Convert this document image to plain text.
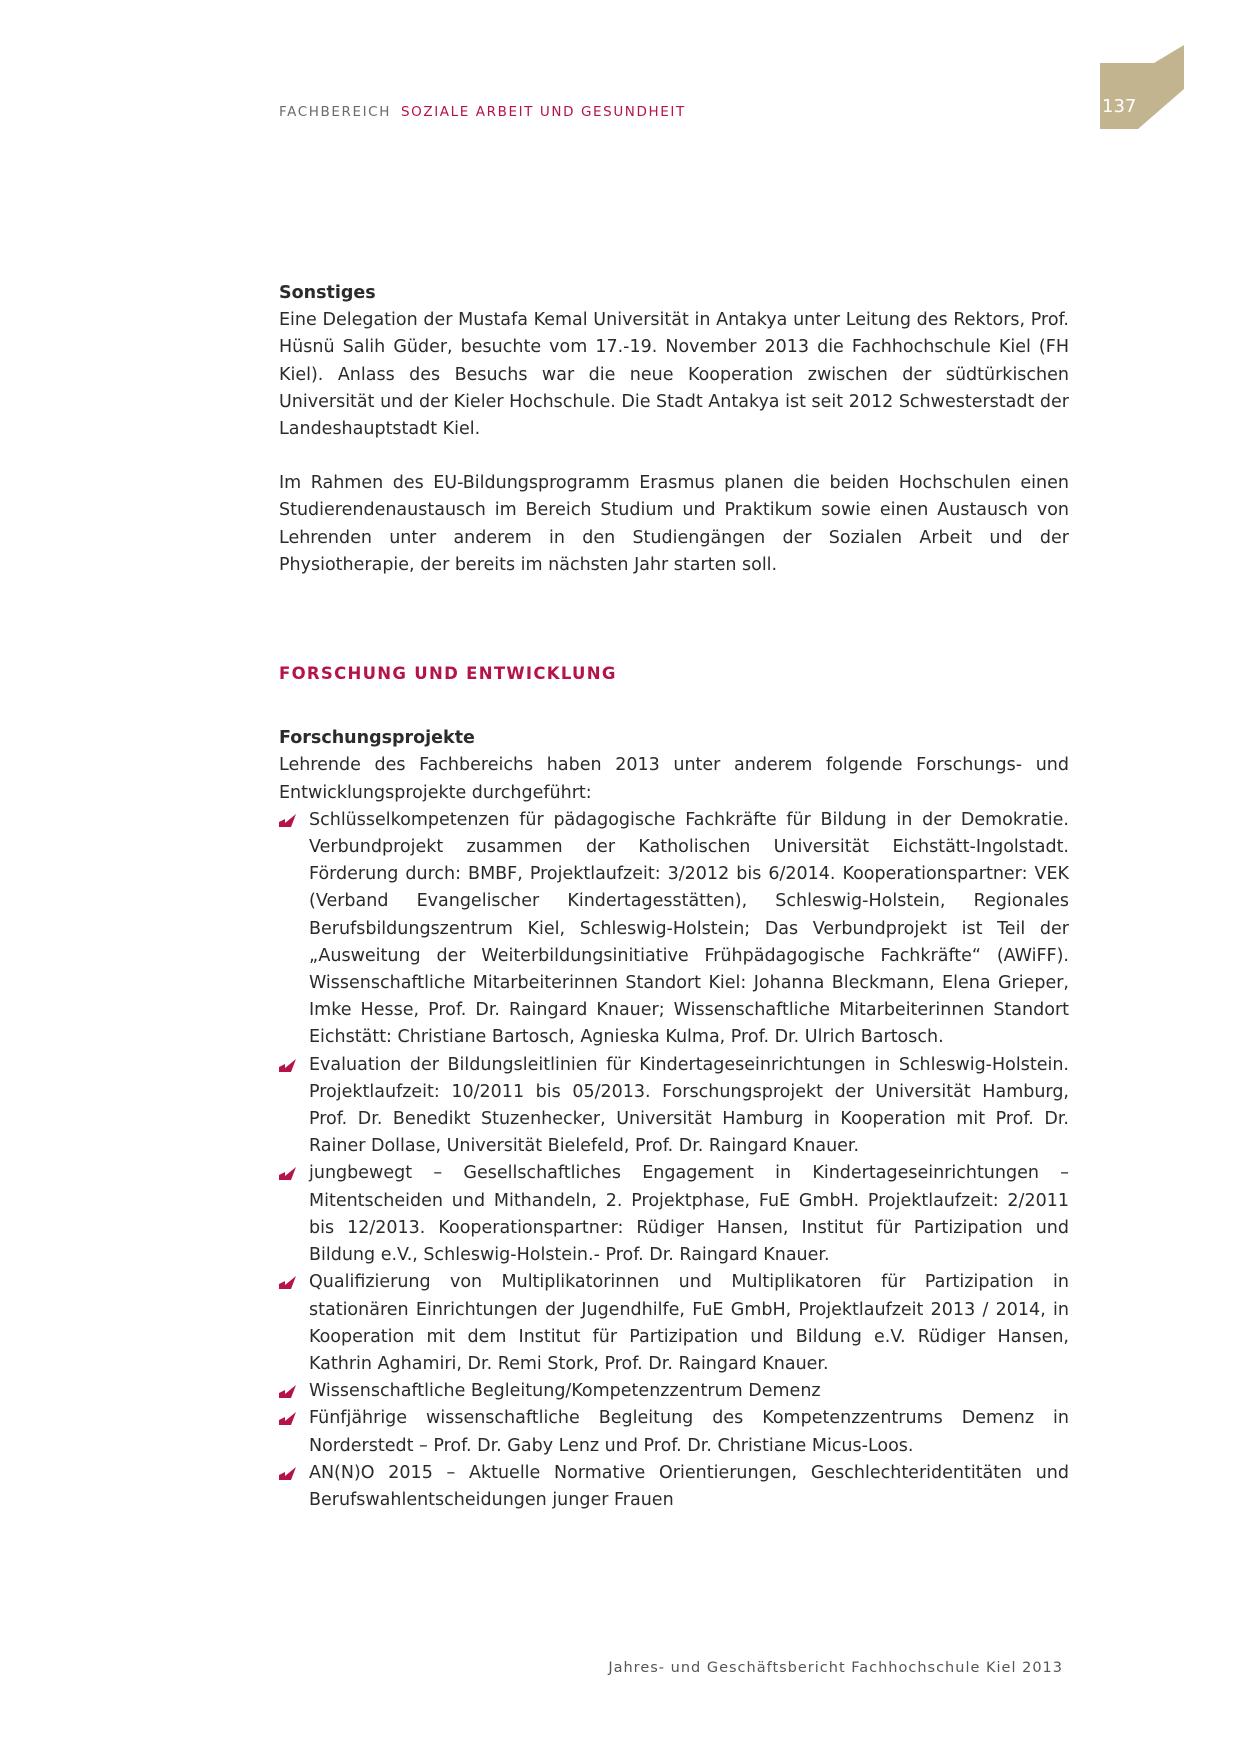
FACHBEREICH SOZIALE ARBEIT UND GESUNDHEIT	137
Sonstiges

Eine Delegation der Mustafa Kemal Universität in Antakya unter Leitung des Rektors, Prof. Hüsnü Salih Güder, besuchte vom 17.-19. November 2013 die Fachhochschule Kiel (FH Kiel). Anlass des Besuchs war die neue Kooperation zwischen der südtürkischen Universität und der Kieler Hochschule. Die Stadt Antakya ist seit 2012 Schwesterstadt der Landeshauptstadt Kiel.

Im Rahmen des EU-Bildungsprogramm Erasmus planen die beiden Hochschulen einen Studierendenaustausch im Bereich Studium und Praktikum sowie einen Austausch von Lehrenden unter anderem in den Studiengängen der Sozialen Arbeit und der Physiotherapie, der bereits im nächsten Jahr starten soll.

FORSCHUNG UND ENTWICKLUNG
Forschungsprojekte

Lehrende des Fachbereichs haben 2013 unter anderem folgende Forschungs- und Entwicklungsprojekte durchgeführt:

Schlüsselkompetenzen für pädagogische Fachkräfte für Bildung in der Demokratie. Verbundprojekt zusammen der Katholischen Universität Eichstätt-Ingolstadt. Förderung durch: BMBF, Projektlaufzeit: 3/2012 bis 6/2014. Kooperationspartner: VEK (Verband Evangelischer Kindertagesstätten), Schleswig-Holstein, Regionales Berufsbildungszentrum Kiel, Schleswig-Holstein; Das Verbundprojekt ist Teil der „Ausweitung der Weiterbildungsinitiative Frühpädagogische Fachkräfte“ (AWiFF). Wissenschaftliche Mitarbeiterinnen Standort Kiel: Johanna Bleckmann, Elena Grieper, Imke Hesse, Prof. Dr. Raingard Knauer; Wissenschaftliche Mitarbeiterinnen Standort Eichstätt: Christiane Bartosch, Agnieska Kulma, Prof. Dr. Ulrich Bartosch.
Evaluation der Bildungsleitlinien für Kindertageseinrichtungen in Schleswig-Holstein. Projektlaufzeit: 10/2011 bis 05/2013. Forschungsprojekt der Universität Hamburg, Prof. Dr. Benedikt Stuzenhecker, Universität Hamburg in Kooperation mit Prof. Dr. Rainer Dollase, Universität Bielefeld, Prof. Dr. Raingard Knauer.
jungbewegt – Gesellschaftliches Engagement in Kindertageseinrichtungen – Mitentscheiden und Mithandeln, 2. Projektphase, FuE GmbH. Projektlaufzeit: 2/2011 bis 12/2013. Kooperationspartner: Rüdiger Hansen, Institut für Partizipation und Bildung e.V., Schleswig-Holstein.- Prof. Dr. Raingard Knauer.
Qualifizierung von Multiplikatorinnen und Multiplikatoren für Partizipation in stationären Einrichtungen der Jugendhilfe, FuE GmbH, Projektlaufzeit 2013 / 2014, in Kooperation mit dem Institut für Partizipation und Bildung e.V. Rüdiger Hansen, Kathrin Aghamiri, Dr. Remi Stork, Prof. Dr. Raingard Knauer.
Wissenschaftliche Begleitung/Kompetenzzentrum Demenz
Fünfjährige wissenschaftliche Begleitung des Kompetenzzentrums Demenz in Norderstedt – Prof. Dr. Gaby Lenz und Prof. Dr. Christiane Micus-Loos.
AN(N)O 2015 – Aktuelle Normative Orientierungen, Geschlechteridentitäten und Berufswahlentscheidungen junger Frauen
Jahres- und Geschäftsbericht Fachhochschule Kiel 2013
